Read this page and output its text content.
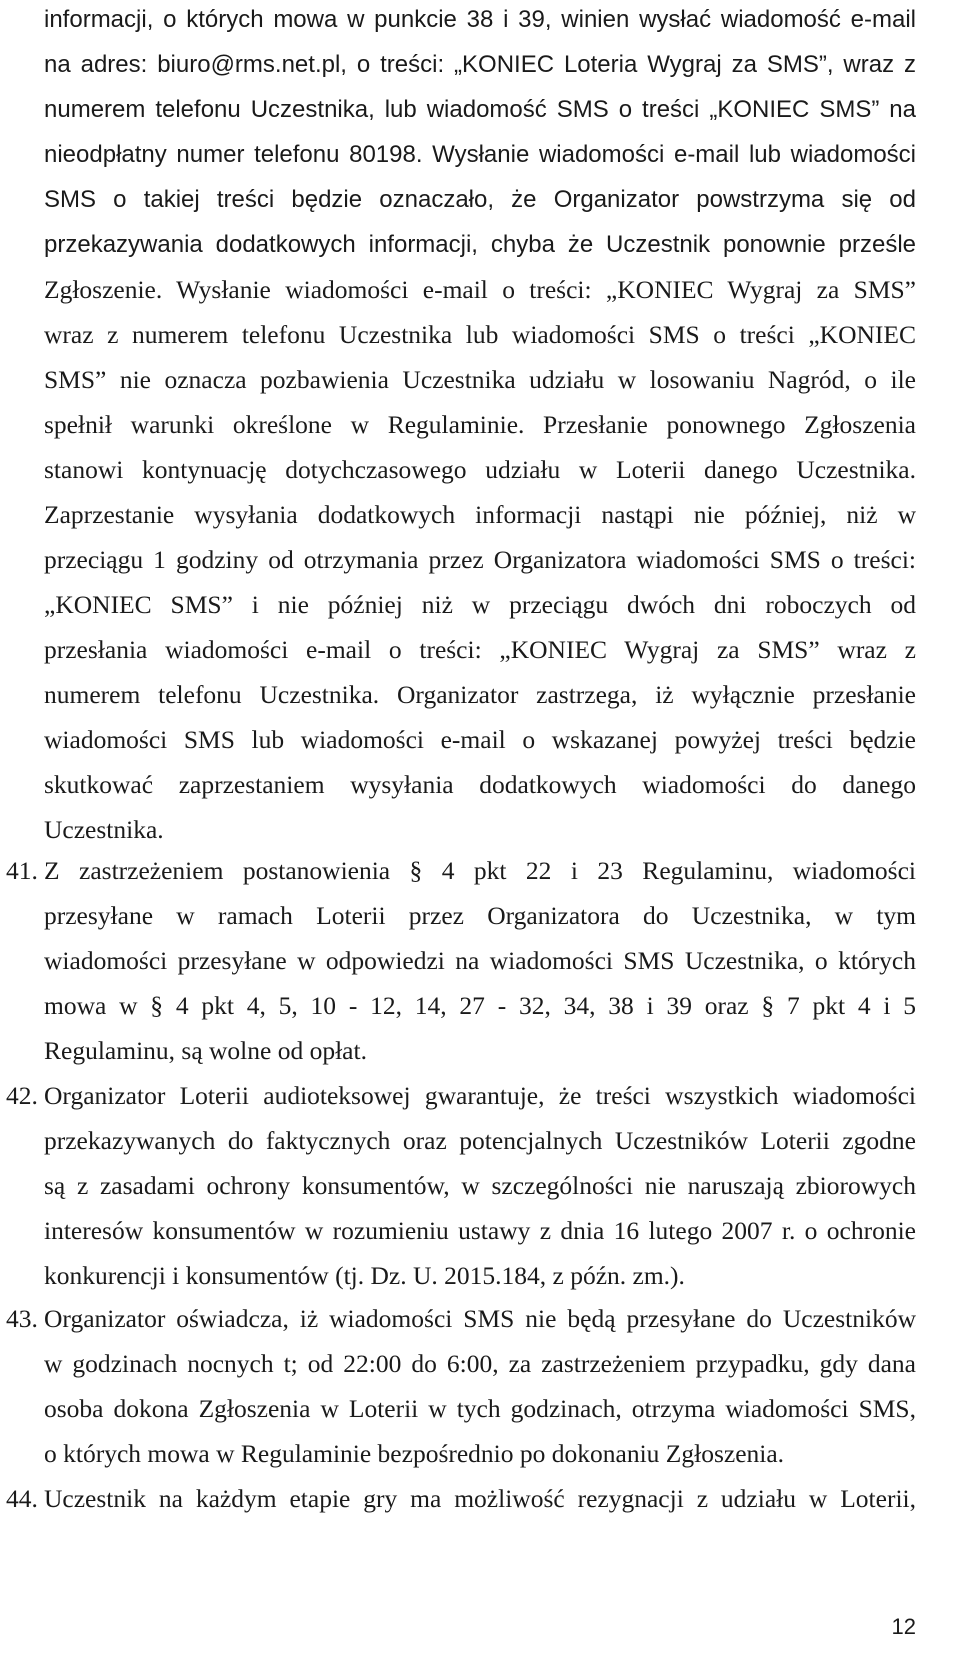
informacji, o których mowa w punkcie 38 i 39, winien wysłać wiadomość e-mail
na adres: biuro@rms.net.pl, o treści: „KONIEC Loteria Wygraj za SMS”, wraz z
numerem telefonu Uczestnika, lub wiadomość SMS o treści „KONIEC SMS” na
nieodpłatny numer telefonu 80198. Wysłanie wiadomości e-mail lub wiadomości
SMS o takiej treści będzie oznaczało, że Organizator powstrzyma się od
przekazywania dodatkowych informacji, chyba że Uczestnik ponownie prześle
Zgłoszenie. Wysłanie wiadomości e-mail o treści: „KONIEC Wygraj za SMS”
wraz z numerem telefonu Uczestnika lub wiadomości SMS o treści „KONIEC
SMS” nie oznacza pozbawienia Uczestnika udziału w losowaniu Nagród, o ile
spełnił warunki określone w Regulaminie. Przesłanie ponownego Zgłoszenia
stanowi kontynuację dotychczasowego udziału w Loterii danego Uczestnika.
Zaprzestanie wysyłania dodatkowych informacji nastąpi nie później, niż w
przeciągu 1 godziny od otrzymania przez Organizatora wiadomości SMS o treści:
„KONIEC SMS” i nie później niż w przeciągu dwóch dni roboczych od
przesłania wiadomości e-mail o treści: „KONIEC Wygraj za SMS” wraz z
numerem telefonu Uczestnika. Organizator zastrzega, iż wyłącznie przesłanie
wiadomości SMS lub wiadomości e-mail o wskazanej powyżej treści będzie
skutkować zaprzestaniem wysyłania dodatkowych wiadomości do danego
Uczestnika.
41. Z zastrzeżeniem postanowienia § 4 pkt 22 i 23 Regulaminu, wiadomości
przesyłane w ramach Loterii przez Organizatora do Uczestnika, w tym
wiadomości przesyłane w odpowiedzi na wiadomości SMS Uczestnika, o których
mowa w § 4 pkt 4, 5, 10 - 12, 14, 27 - 32, 34, 38 i 39 oraz § 7 pkt 4 i 5
Regulaminu, są wolne od opłat.
42. Organizator Loterii audioteksowej gwarantuje, że treści wszystkich wiadomości
przekazywanych do faktycznych oraz potencjalnych Uczestników Loterii zgodne
są z zasadami ochrony konsumentów, w szczególności nie naruszają zbiorowych
interesów konsumentów w rozumieniu ustawy z dnia 16 lutego 2007 r. o ochronie
konkurencji i konsumentów (tj. Dz. U. 2015.184, z późn. zm.).
43. Organizator oświadcza, iż wiadomości SMS nie będą przesyłane do Uczestników
w godzinach nocnych t; od 22:00 do 6:00, za zastrzeżeniem przypadku, gdy dana
osoba dokona Zgłoszenia w Loterii w tych godzinach, otrzyma wiadomości SMS,
o których mowa w Regulaminie bezpośrednio po dokonaniu Zgłoszenia.
44. Uczestnik na każdym etapie gry ma możliwość rezygnacji z udziału w Loterii,
12
